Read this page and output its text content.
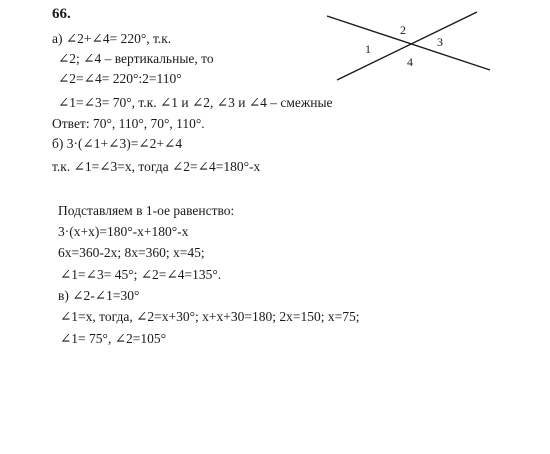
66.
1
2
3
4
а) ∠2+∠4= 220°, т.к.
∠2; ∠4 – вертикальные, то
∠2=∠4= 220°:2=110°
∠1=∠3= 70°, т.к. ∠1 и ∠2, ∠3 и ∠4 – смежные
Ответ: 70°, 110°, 70°, 110°.
б) 3·(∠1+∠3)=∠2+∠4
т.к. ∠1=∠3=x, тогда ∠2=∠4=180°-x
Подставляем в 1-ое равенство:
3·(x+x)=180°-x+180°-x
6x=360-2x; 8x=360; x=45;
∠1=∠3= 45°; ∠2=∠4=135°.
в) ∠2-∠1=30°
∠1=x, тогда, ∠2=x+30°; x+x+30=180; 2x=150; x=75;
∠1= 75°, ∠2=105°
